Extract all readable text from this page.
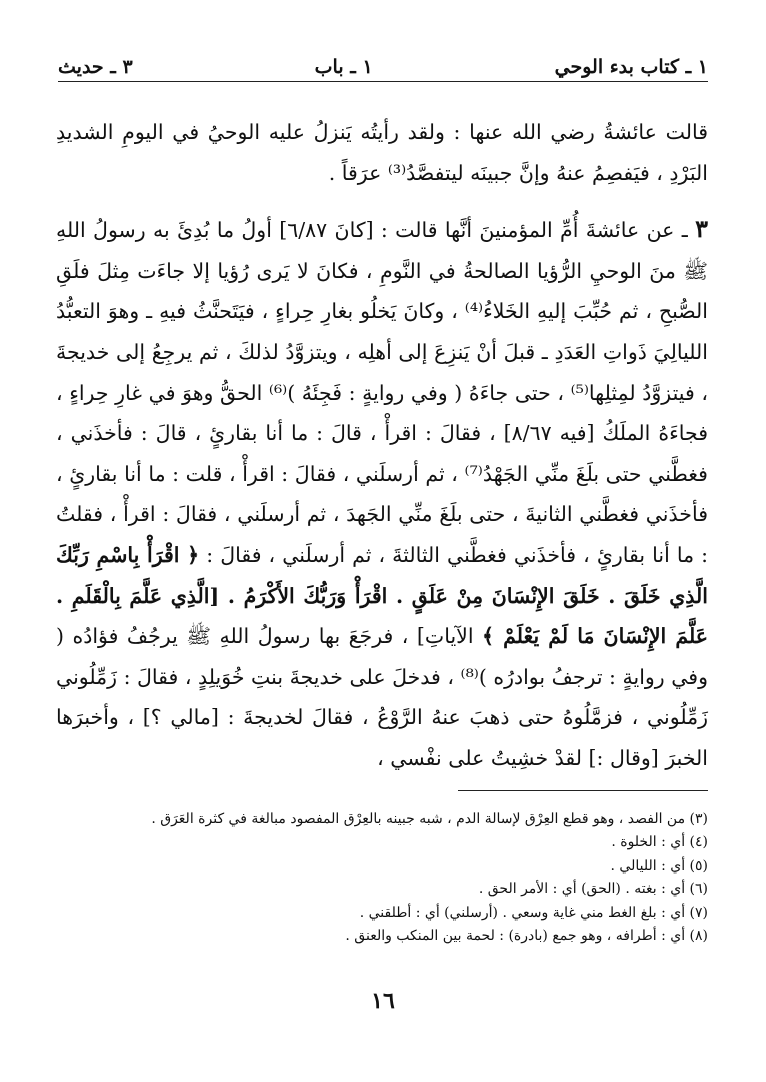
١ ـ كتاب بدء الوحي
١ ـ باب
٣ ـ حديث

قالت عائشةُ رضي الله عنها : ولقد رأيتُه يَنزلُ عليه الوحيُ في اليومِ الشديدِ البَرْدِ ، فيَفصِمُ عنهُ وإنَّ جبينَه ليتفصَّدُ⁽³⁾ عرَقاً .

٣ ـ عن عائشةَ أُمِّ المؤمنينَ أنَّها قالت : [كانَ ٦/٨٧] أولُ ما بُدِئَ به رسولُ اللهِ ﷺ منَ الوحيِ الرُّؤيا الصالحةُ في النَّومِ ، فكانَ لا يَرى رُؤيا إلا جاءَت مِثلَ فلَقِ الصُّبحِ ، ثم حُبِّبَ إليهِ الخَلاءُ⁽⁴⁾ ، وكانَ يَخلُو بغارِ حِراءٍ ، فيَتَحنَّثُ فيهِ ـ وهوَ التعبُّدُ الليالِيَ ذَواتِ العَدَدِ ـ قبلَ أنْ يَنزِعَ إلى أهلِه ، ويتزوَّدُ لذلكَ ، ثم يرجِعُ إلى خديجةَ ، فيتزوَّدُ لمِثلِها⁽⁵⁾ ، حتى جاءَهُ ( وفي روايةٍ : فَجِئَهُ )⁽⁶⁾ الحقُّ وهوَ في غارِ حِراءٍ ، فجاءَهُ الملَكُ [فيه ٨/٦٧] ، فقالَ : اقرأْ ، قالَ : ما أنا بقارئٍ ، قالَ : فأخذَني ، فغطَّني حتى بلَغَ منِّي الجَهْدُ⁽⁷⁾ ، ثم أرسلَني ، فقالَ : اقرأْ ، قلت : ما أنا بقارئٍ ، فأخذَني فغطَّني الثانيةَ ، حتى بلَغَ منِّي الجَهدَ ، ثم أرسلَني ، فقالَ : اقرأْ ، فقلتُ : ما أنا بقارئٍ ، فأخذَني فغطَّني الثالثةَ ، ثم أرسلَني ، فقالَ : ﴿ اقْرَأْ بِاسْمِ رَبِّكَ الَّذِي خَلَقَ . خَلَقَ الإِنْسَانَ مِنْ عَلَقٍ . اقْرَأْ وَرَبُّكَ الأَكْرَمُ . [الَّذِي عَلَّمَ بِالْقَلَمِ . عَلَّمَ الإِنْسَانَ مَا لَمْ يَعْلَمْ ﴾ الآياتِ] ، فرجَعَ بها رسولُ اللهِ ﷺ يرجُفُ فؤادُه ( وفي روايةٍ : ترجفُ بوادرُه )⁽⁸⁾ ، فدخلَ على خديجةَ بنتِ خُوَيلِدٍ ، فقالَ : زَمِّلُوني زَمِّلُوني ، فزمَّلُوهُ حتى ذهبَ عنهُ الرَّوْعُ ، فقالَ لخديجةَ : [مالي ؟] ، وأخبرَها الخبرَ [وقال :] لقدْ خشِيتُ على نفْسي ،

(٣) من الفصد ، وهو قطع العِرْق لإسالة الدم ، شبه جبينه بالعِرْق المفصود مبالغة في كثرة العَرَق .
(٤) أي : الخلوة .
(٥) أي : الليالي .
(٦) أي : بغته . (الحق) أي : الأمر الحق .
(٧) أي : بلغ الغط مني غاية وسعي . (أرسلني) أي : أطلقني .
(٨) أي : أطرافه ، وهو جمع (بادرة) : لحمة بين المنكب والعنق .
١٦
